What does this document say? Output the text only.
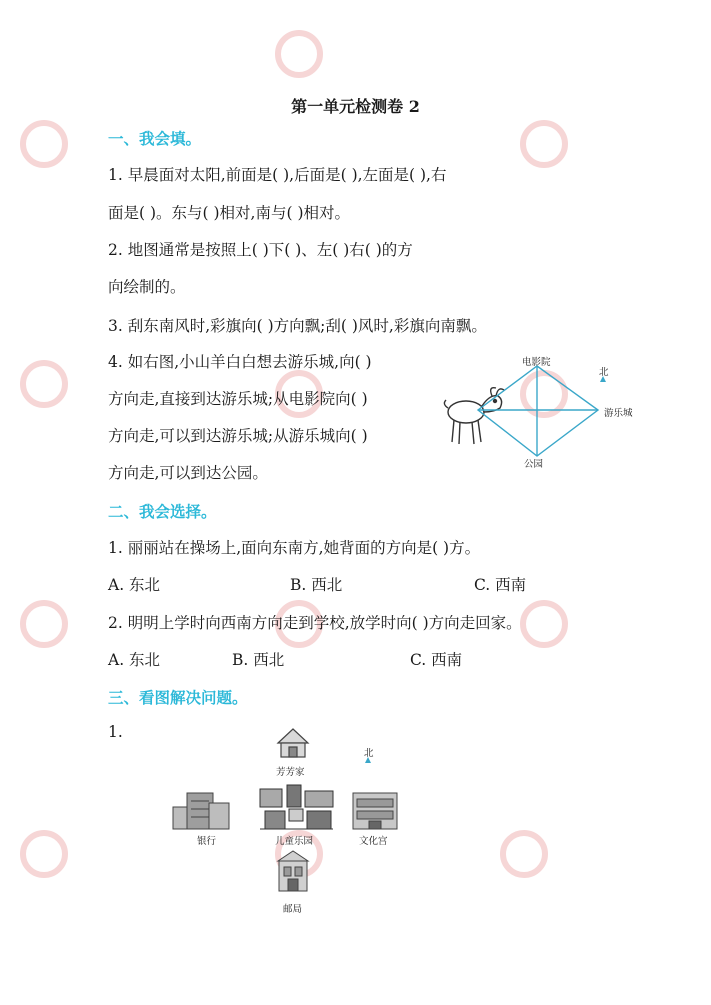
第一单元检测卷 2
一、我会填。
1. 早晨面对太阳,前面是( ),后面是( ),左面是( ),右
面是( )。东与( )相对,南与( )相对。
2. 地图通常是按照上( )下( )、左( )右( )的方
向绘制的。
3. 刮东南风时,彩旗向( )方向飘;刮( )风时,彩旗向南飘。
4. 如右图,小山羊白白想去游乐城,向( )
方向走,直接到达游乐城;从电影院向( )
方向走,可以到达游乐城;从游乐城向( )
方向走,可以到达公园。
电影院
北
游乐城
公园
二、我会选择。
1. 丽丽站在操场上,面向东南方,她背面的方向是( )方。
A. 东北	B. 西北	C. 西南
2. 明明上学时向西南方向走到学校,放学时向( )方向走回家。
A. 东北	B. 西北	C. 西南
三、看图解决问题。
1.
芳芳家
北
银行	儿童乐园	文化宫
邮局
